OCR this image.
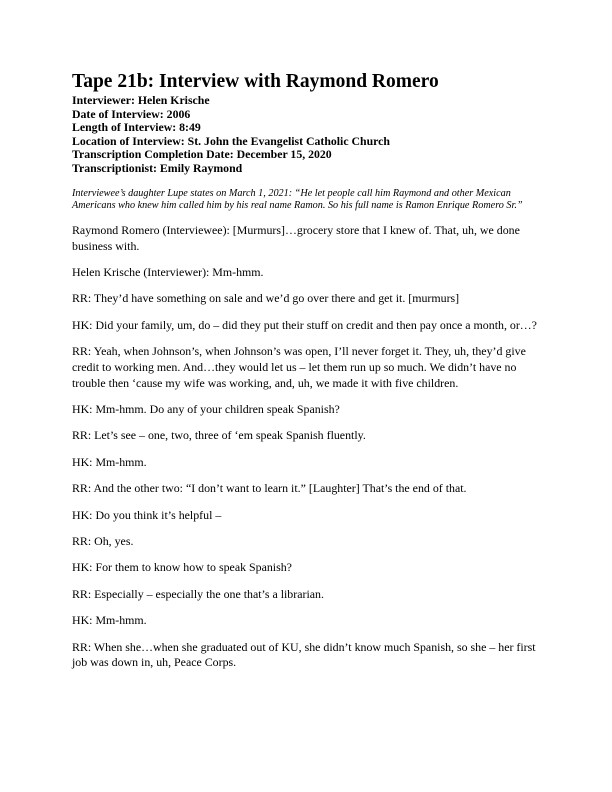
Tape 21b: Interview with Raymond Romero
Interviewer: Helen Krische
Date of Interview: 2006
Length of Interview: 8:49
Location of Interview: St. John the Evangelist Catholic Church
Transcription Completion Date: December 15, 2020
Transcriptionist: Emily Raymond

Interviewee’s daughter Lupe states on March 1, 2021: “He let people call him Raymond and other Mexican Americans who knew him called him by his real name Ramon. So his full name is Ramon Enrique Romero Sr.”

Raymond Romero (Interviewee): [Murmurs]…grocery store that I knew of. That, uh, we done business with.

Helen Krische (Interviewer): Mm-hmm.

RR: They’d have something on sale and we’d go over there and get it. [murmurs]

HK: Did your family, um, do – did they put their stuff on credit and then pay once a month, or…?

RR: Yeah, when Johnson’s, when Johnson’s was open, I’ll never forget it. They, uh, they’d give credit to working men. And…they would let us – let them run up so much. We didn’t have no trouble then ‘cause my wife was working, and, uh, we made it with five children.

HK: Mm-hmm. Do any of your children speak Spanish?

RR: Let’s see – one, two, three of ‘em speak Spanish fluently.

HK: Mm-hmm.

RR: And the other two: “I don’t want to learn it.” [Laughter] That’s the end of that.

HK: Do you think it’s helpful –

RR: Oh, yes.

HK: For them to know how to speak Spanish?

RR: Especially – especially the one that’s a librarian.

HK: Mm-hmm.

RR: When she…when she graduated out of KU, she didn’t know much Spanish, so she – her first job was down in, uh, Peace Corps.
